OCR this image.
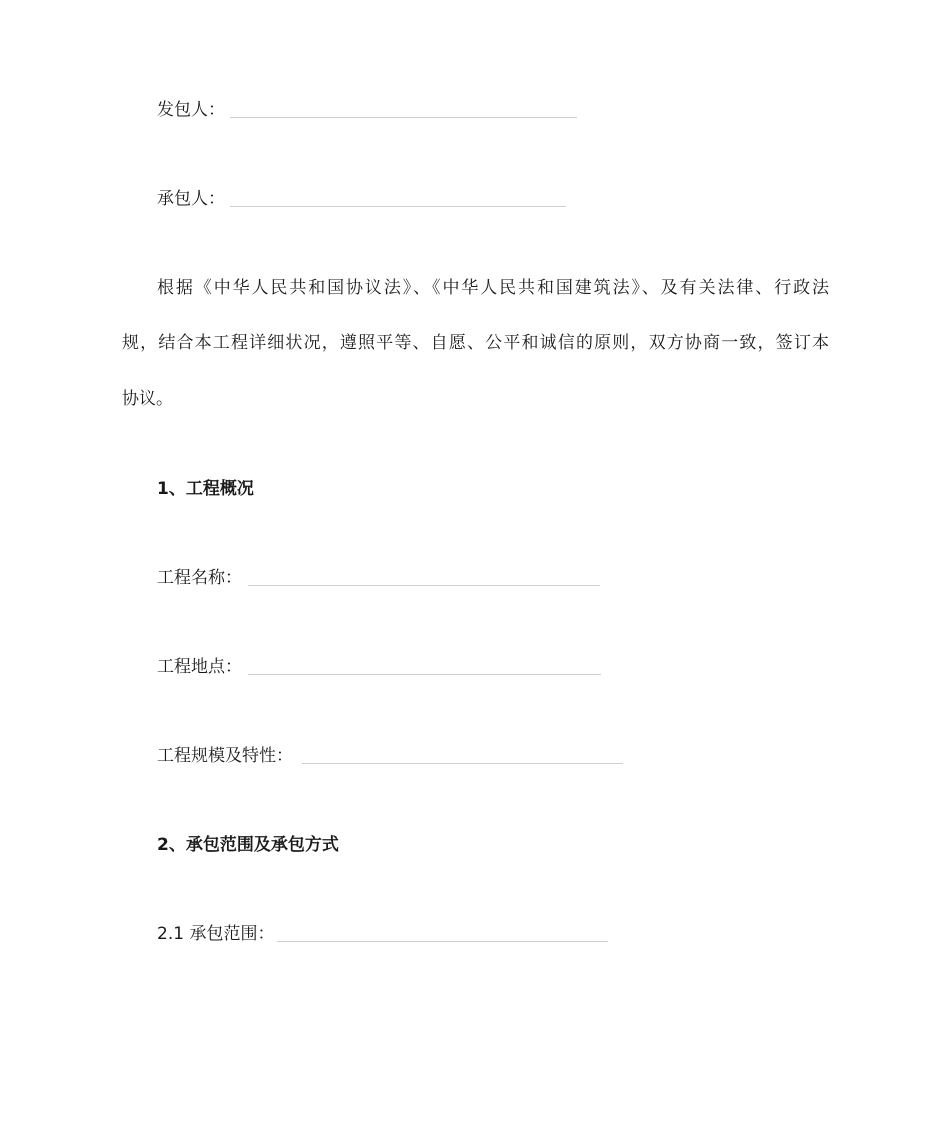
发包人：
承包人：
根据《中华人民共和国协议法》、《中华人民共和国建筑法》、及有关法律、行政法
规，结合本工程详细状况，遵照平等、自愿、公平和诚信的原则，双方协商一致，签订本
协议。
1、工程概况
工程名称：
工程地点：
工程规模及特性：
2、承包范围及承包方式
2.1 承包范围：
